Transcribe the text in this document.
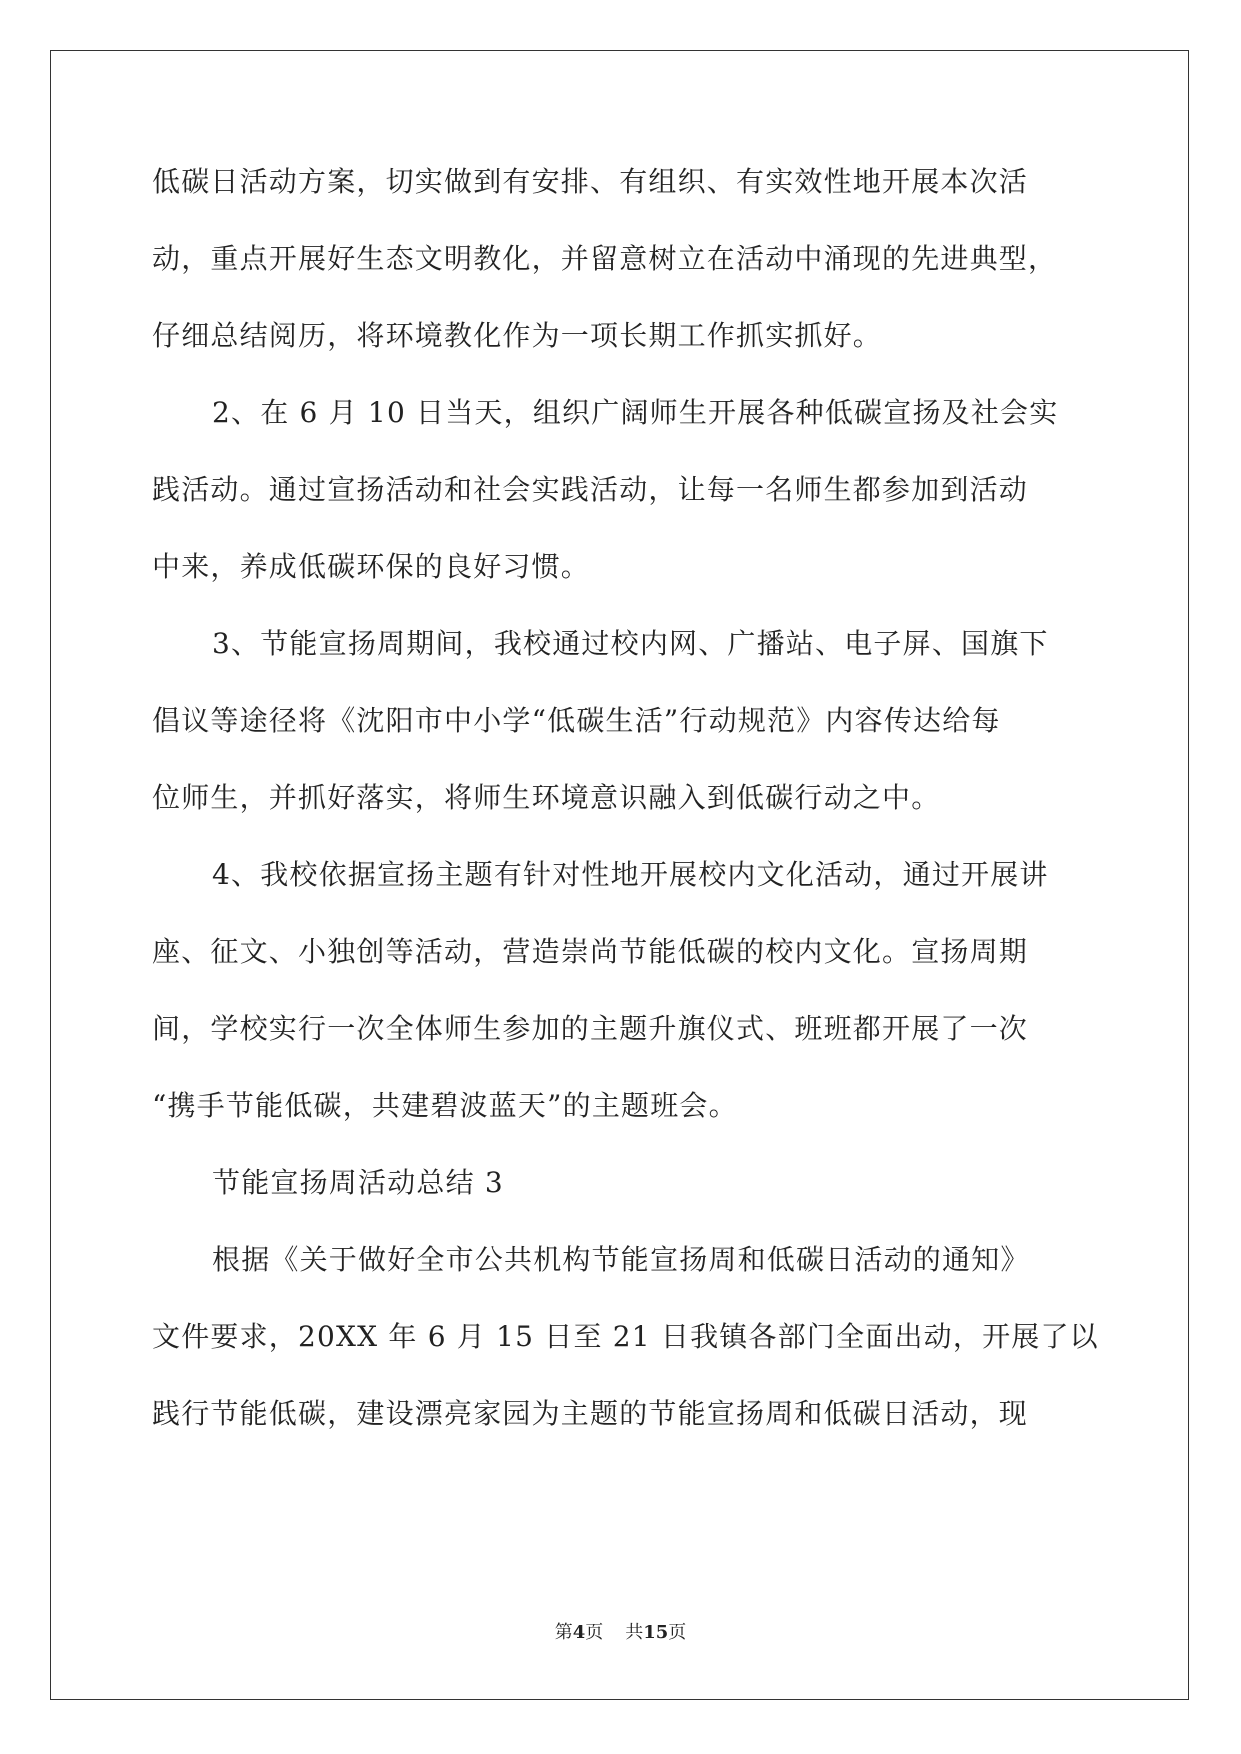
低碳日活动方案，切实做到有安排、有组织、有实效性地开展本次活
动，重点开展好生态文明教化，并留意树立在活动中涌现的先进典型，
仔细总结阅历，将环境教化作为一项长期工作抓实抓好。
2、在 6 月 10 日当天，组织广阔师生开展各种低碳宣扬及社会实
践活动。通过宣扬活动和社会实践活动，让每一名师生都参加到活动
中来，养成低碳环保的良好习惯。
3、节能宣扬周期间，我校通过校内网、广播站、电子屏、国旗下
倡议等途径将《沈阳市中小学“低碳生活”行动规范》内容传达给每
位师生，并抓好落实，将师生环境意识融入到低碳行动之中。
4、我校依据宣扬主题有针对性地开展校内文化活动，通过开展讲
座、征文、小独创等活动，营造崇尚节能低碳的校内文化。宣扬周期
间，学校实行一次全体师生参加的主题升旗仪式、班班都开展了一次
“携手节能低碳，共建碧波蓝天”的主题班会。
节能宣扬周活动总结 3
根据《关于做好全市公共机构节能宣扬周和低碳日活动的通知》
文件要求，20XX 年 6 月 15 日至 21 日我镇各部门全面出动，开展了以
践行节能低碳，建设漂亮家园为主题的节能宣扬周和低碳日活动，现
第4页 共15页
